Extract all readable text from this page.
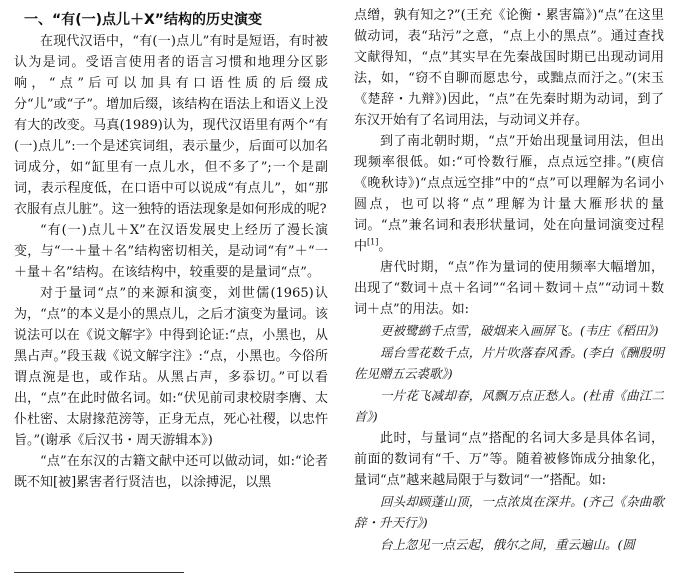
一、“有(一)点儿＋X”结构的历史演变

在现代汉语中，“有(一)点儿”有时是短语，有时被认为是词。受语言使用者的语言习惯和地理分区影响，“点”后可以加具有口语性质的后缀成分“儿”或“子”。增加后缀，该结构在语法上和语义上没有大的改变。马真(1989)认为，现代汉语里有两个“有(一)点儿”:一个是述宾词组，表示量少，后面可以加名词成分，如“缸里有一点儿水，但不多了”;一个是副词，表示程度低，在口语中可以说成“有点儿”，如“那衣服有点儿脏”。这一独特的语法现象是如何形成的呢?

“有(一)点儿＋X”在汉语发展史上经历了漫长演变，与“一＋量＋名”结构密切相关，是动词“有”＋“一＋量＋名”结构。在该结构中，较重要的是量词“点”。

对于量词“点”的来源和演变，刘世儒(1965)认为，“点”的本义是小的黑点儿，之后才演变为量词。该说法可以在《说文解字》中得到论证:“点，小黑也，从黑占声。”段玉裁《说文解字注》:“点，小黑也。今俗所谓点涴是也，或作玷。从黑占声，多忝切。”可以看出，“点”在此时做名词。如:“伏见前司隶校尉李膺、太仆杜密、太尉掾范滂等，正身无点，死心社稷，以忠忤旨。”(谢承《后汉书・周天游辑本》)

“点”在东汉的古籍文献中还可以做动词，如:“论者既不知[被]累害者行贤洁也，以涂搏泥，以黑

点缯，孰有知之?”(王充《论衡・累害篇》)“点”在这里做动词，表“玷污”之意，“点上小的黑点”。通过查找文献得知，“点”其实早在先秦战国时期已出现动词用法，如，“窃不自聊而愿忠兮，或黜点而汙之。”(宋玉《楚辞・九辩》)因此，“点”在先秦时期为动词，到了东汉开始有了名词用法，与动词义并存。

到了南北朝时期，“点”开始出现量词用法，但出现频率很低。如:“可怜数行雁，点点远空排。”(庾信《晚秋诗》)“点点远空排”中的“点”可以理解为名词小圆点，也可以将“点”理解为计量大雁形状的量词。“点”兼名词和表形状量词，处在向量词演变过程中[1]。

唐代时期，“点”作为量词的使用频率大幅增加，出现了“数词＋点＋名词”“名词＋数词＋点”“动词＋数词＋点”的用法。如:

更被鹭鹚千点雪，破烟来入画屏飞。(韦庄《稻田》)

瑶台雪花数千点，片片吹落春风香。(李白《酬殷明佐见赠五云裘歌》)

一片花飞减却春，风飘万点正愁人。(杜甫《曲江二首》)

此时，与量词“点”搭配的名词大多是具体名词，前面的数词有“千、万”等。随着被修饰成分抽象化，量词“点”越来越局限于与数词“一”搭配。如:

回头却顾蓬山顶，一点浓岚在深井。(齐己《杂曲歌辞・升天行》)

台上忽见一点云起，俄尔之间，重云遍山。(圆
